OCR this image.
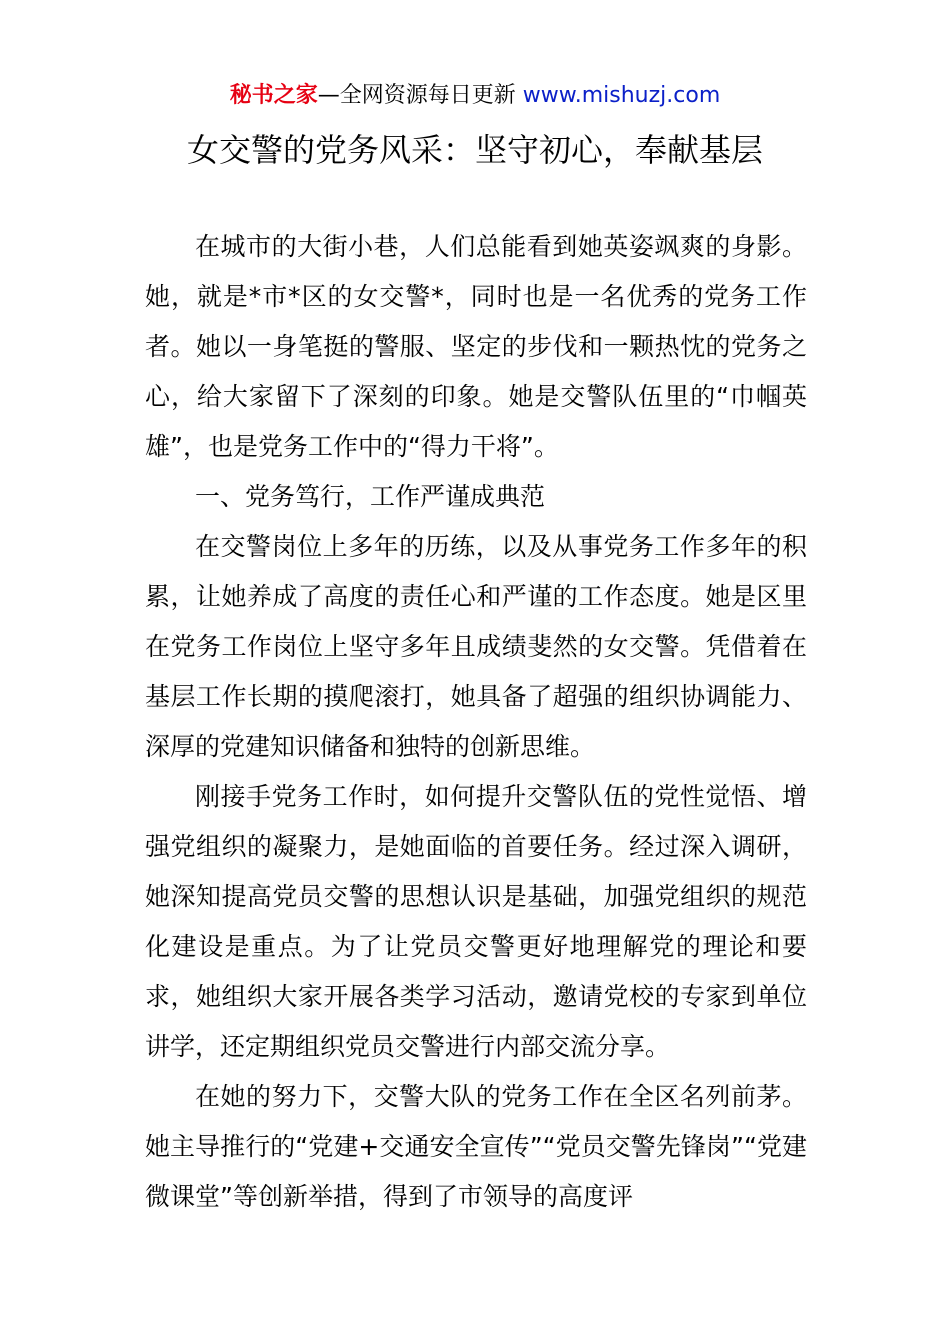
秘书之家—全网资源每日更新 www.mishuzj.com
女交警的党务风采：坚守初心，奉献基层

在城市的大街小巷，人们总能看到她英姿飒爽的身影。她，就是*市*区的女交警*，同时也是一名优秀的党务工作者。她以一身笔挺的警服、坚定的步伐和一颗热忱的党务之心，给大家留下了深刻的印象。她是交警队伍里的“巾帼英雄”，也是党务工作中的“得力干将”。

一、党务笃行，工作严谨成典范

在交警岗位上多年的历练，以及从事党务工作多年的积累，让她养成了高度的责任心和严谨的工作态度。她是区里在党务工作岗位上坚守多年且成绩斐然的女交警。凭借着在基层工作长期的摸爬滚打，她具备了超强的组织协调能力、深厚的党建知识储备和独特的创新思维。

刚接手党务工作时，如何提升交警队伍的党性觉悟、增强党组织的凝聚力，是她面临的首要任务。经过深入调研，她深知提高党员交警的思想认识是基础，加强党组织的规范化建设是重点。为了让党员交警更好地理解党的理论和要求，她组织大家开展各类学习活动，邀请党校的专家到单位讲学，还定期组织党员交警进行内部交流分享。

在她的努力下，交警大队的党务工作在全区名列前茅。她主导推行的“党建+交通安全宣传”“党员交警先锋岗”“党建微课堂”等创新举措，得到了市领导的高度评
